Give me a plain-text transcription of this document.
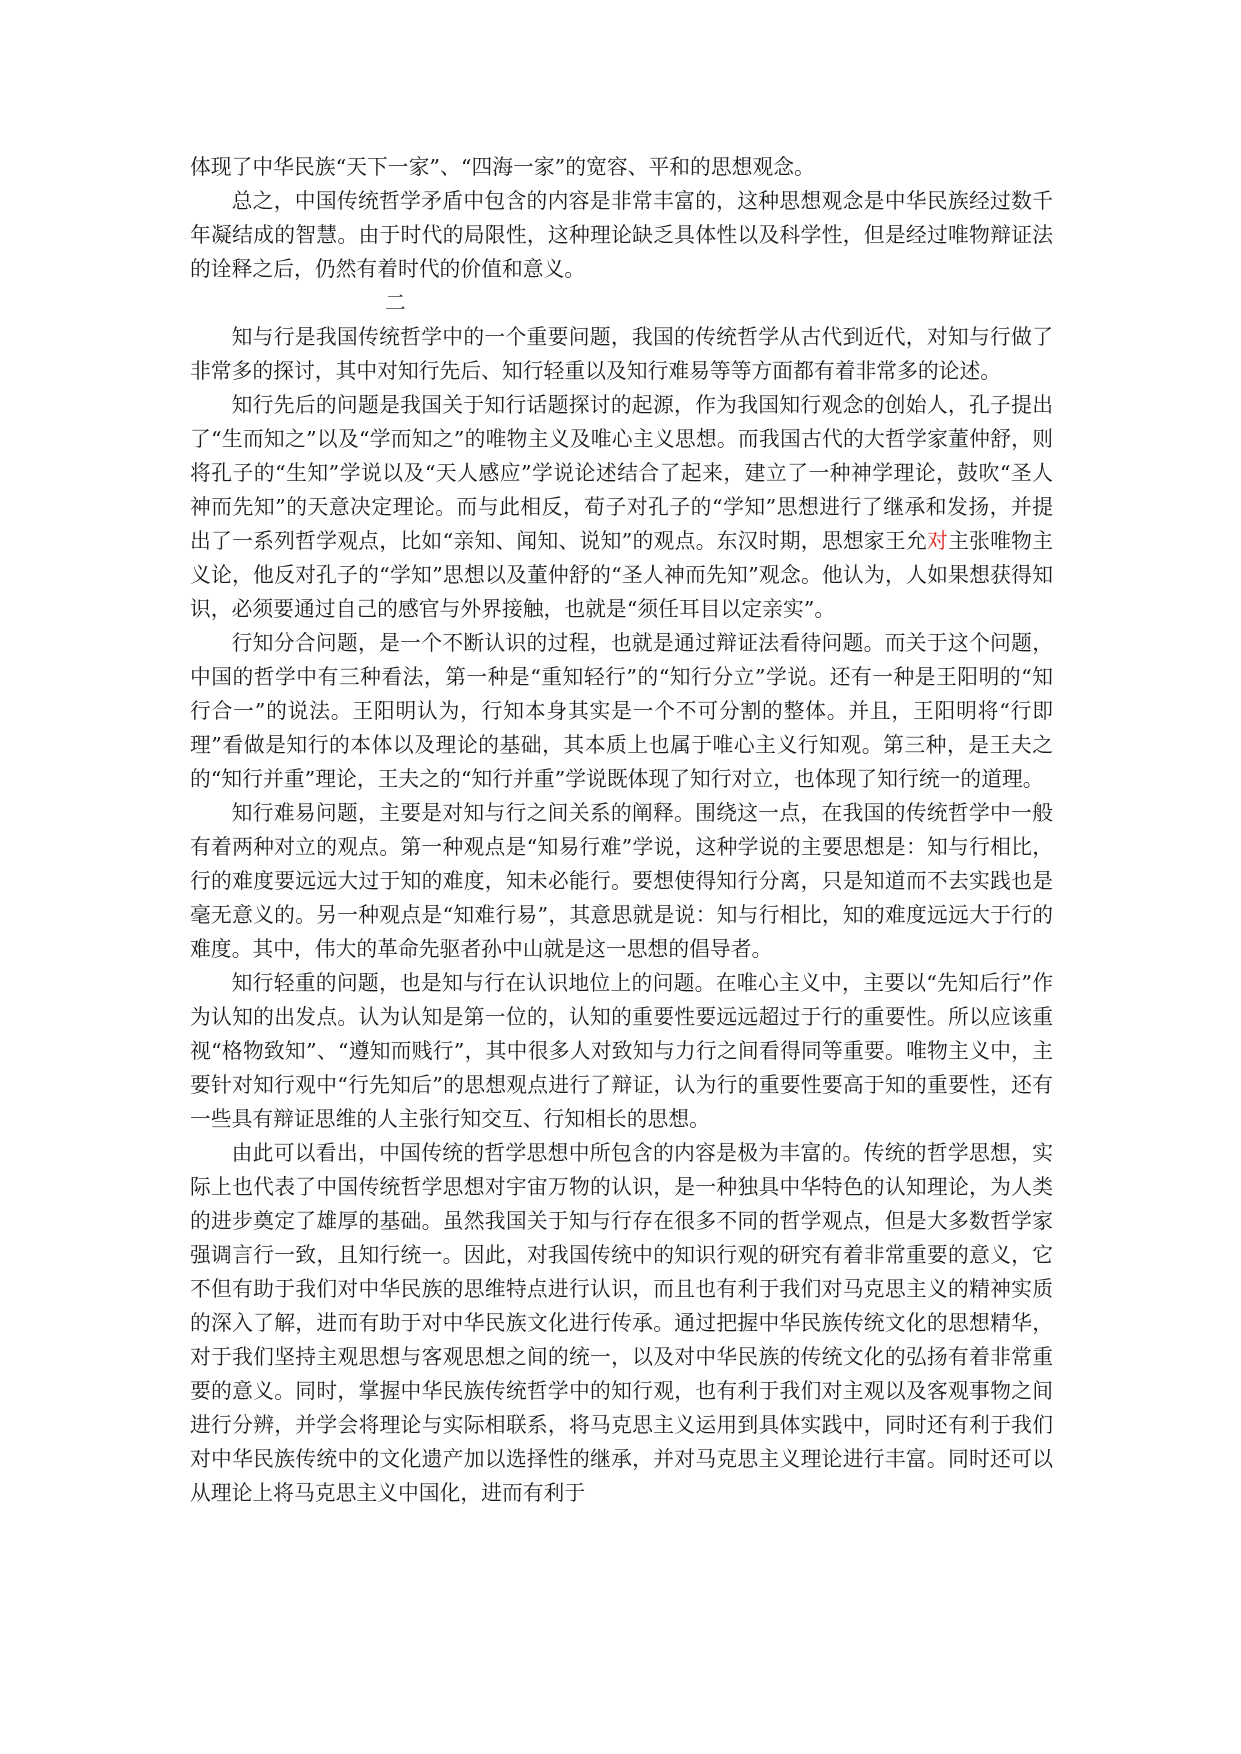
体现了中华民族“天下一家”、“四海一家”的宽容、平和的思想观念。

总之，中国传统哲学矛盾中包含的内容是非常丰富的，这种思想观念是中华民族经过数千年凝结成的智慧。由于时代的局限性，这种理论缺乏具体性以及科学性，但是经过唯物辩证法的诠释之后，仍然有着时代的价值和意义。

二

知与行是我国传统哲学中的一个重要问题，我国的传统哲学从古代到近代，对知与行做了非常多的探讨，其中对知行先后、知行轻重以及知行难易等等方面都有着非常多的论述。

知行先后的问题是我国关于知行话题探讨的起源，作为我国知行观念的创始人，孔子提出了“生而知之”以及“学而知之”的唯物主义及唯心主义思想。而我国古代的大哲学家董仲舒，则将孔子的“生知”学说以及“天人感应”学说论述结合了起来，建立了一种神学理论，鼓吹“圣人神而先知”的天意决定理论。而与此相反，荀子对孔子的“学知”思想进行了继承和发扬，并提出了一系列哲学观点，比如“亲知、闻知、说知”的观点。东汉时期，思想家王允对主张唯物主义论，他反对孔子的“学知”思想以及董仲舒的“圣人神而先知”观念。他认为，人如果想获得知识，必须要通过自己的感官与外界接触，也就是“须任耳目以定亲实”。

行知分合问题，是一个不断认识的过程，也就是通过辩证法看待问题。而关于这个问题，中国的哲学中有三种看法，第一种是“重知轻行”的“知行分立”学说。还有一种是王阳明的“知行合一”的说法。王阳明认为，行知本身其实是一个不可分割的整体。并且，王阳明将“行即理”看做是知行的本体以及理论的基础，其本质上也属于唯心主义行知观。第三种，是王夫之的“知行并重”理论，王夫之的“知行并重”学说既体现了知行对立，也体现了知行统一的道理。

知行难易问题，主要是对知与行之间关系的阐释。围绕这一点，在我国的传统哲学中一般有着两种对立的观点。第一种观点是“知易行难”学说，这种学说的主要思想是：知与行相比，行的难度要远远大过于知的难度，知未必能行。要想使得知行分离，只是知道而不去实践也是毫无意义的。另一种观点是“知难行易”，其意思就是说：知与行相比，知的难度远远大于行的难度。其中，伟大的革命先驱者孙中山就是这一思想的倡导者。

知行轻重的问题，也是知与行在认识地位上的问题。在唯心主义中，主要以“先知后行”作为认知的出发点。认为认知是第一位的，认知的重要性要远远超过于行的重要性。所以应该重视“格物致知”、“遵知而贱行”，其中很多人对致知与力行之间看得同等重要。唯物主义中，主要针对知行观中“行先知后”的思想观点进行了辩证，认为行的重要性要高于知的重要性，还有一些具有辩证思维的人主张行知交互、行知相长的思想。

由此可以看出，中国传统的哲学思想中所包含的内容是极为丰富的。传统的哲学思想，实际上也代表了中国传统哲学思想对宇宙万物的认识，是一种独具中华特色的认知理论，为人类的进步奠定了雄厚的基础。虽然我国关于知与行存在很多不同的哲学观点，但是大多数哲学家强调言行一致，且知行统一。因此，对我国传统中的知识行观的研究有着非常重要的意义，它不但有助于我们对中华民族的思维特点进行认识，而且也有利于我们对马克思主义的精神实质的深入了解，进而有助于对中华民族文化进行传承。通过把握中华民族传统文化的思想精华，对于我们坚持主观思想与客观思想之间的统一，以及对中华民族的传统文化的弘扬有着非常重要的意义。同时，掌握中华民族传统哲学中的知行观，也有利于我们对主观以及客观事物之间进行分辨，并学会将理论与实际相联系，将马克思主义运用到具体实践中，同时还有利于我们对中华民族传统中的文化遗产加以选择性的继承，并对马克思主义理论进行丰富。同时还可以从理论上将马克思主义中国化，进而有利于
